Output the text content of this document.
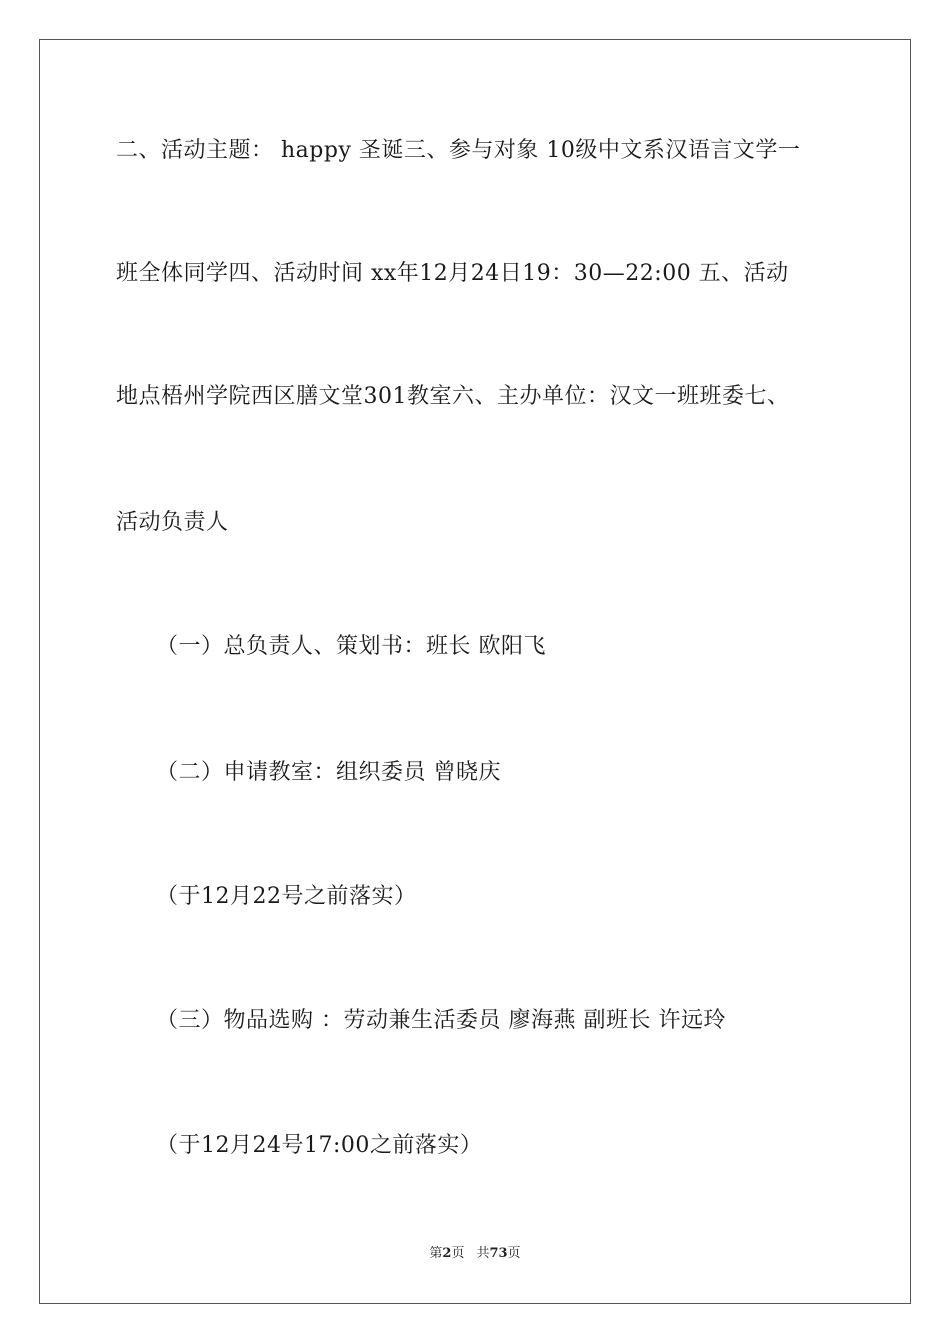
二、活动主题： happy 圣诞三、参与对象 10级中文系汉语言文学一
班全体同学四、活动时间 xx年12月24日19：30—22:00 五、活动
地点梧州学院西区膳文堂301教室六、主办单位：汉文一班班委七、
活动负责人
（一）总负责人、策划书：班长 欧阳飞
（二）申请教室：组织委员 曾晓庆
（于12月22号之前落实）
（三）物品选购 ：劳动兼生活委员 廖海燕 副班长 许远玲
（于12月24号17:00之前落实）
第2页 共73页
